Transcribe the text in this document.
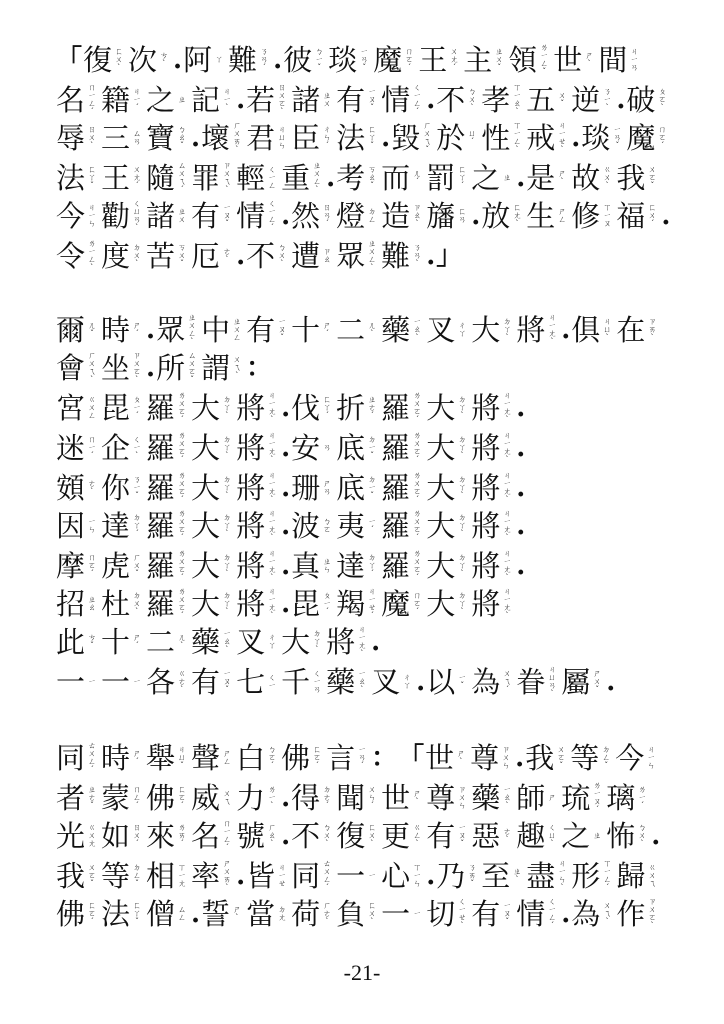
「 復 ㄈ
ㄨ
ˋ 次 ㄘ
ˋ . 阿 ㄚ 難 ㄋ
ㄢ
ˊ . 彼 ㄅ
ㄧ
ˇ 琰 ㄧ
ㄢ
ˇ 魔 ㄇ
ㄛ
ˊ 王 ㄨ
ㄤ
ˊ 主 ㄓ
ㄨ
ˇ 領 ㄌ
ㄧ
ㄥ
ˇ 世 ㄕ
ˋ 間 ㄐ
ㄧ
ㄢ
名 ㄇ
ㄧ
ㄥ
ˊ 籍 ㄐ
ㄧ
ˊ 之 ㄓ 記 ㄐ
ㄧ
ˋ . 若 ㄖ
ㄨ
ㄛ
ˋ 諸 ㄓ
ㄨ 有 ㄧ
ㄡ
ˇ 情 ㄑ
ㄧ
ㄥ
ˊ . 不 ㄅ
ㄨ
ˋ 孝 ㄒ
ㄧ
ㄠ
ˋ 五 ㄨ
ˇ 逆 ㄋ
ㄧ
ˋ . 破 ㄆ
ㄛ
ˋ
辱 ㄖ
ㄨ
ˋ 三 ㄙ
ㄢ 寶 ㄅ
ㄠ
ˇ . 壞 ㄏ
ㄨ
ㄞ
ˋ 君 ㄐ
ㄩ
ㄣ 臣 ㄔ
ㄣ
ˊ 法 ㄈ
ㄚ
ˇ . 毀 ㄏ
ㄨ
ㄟ
ˇ 於 ㄩ
ˊ 性 ㄒ
ㄧ
ㄥ
ˋ 戒 ㄐ
ㄧ
ㄝ
ˋ . 琰 ㄧ
ㄢ
ˇ 魔 ㄇ
ㄛ
ˊ
法 ㄈ
ㄚ
ˇ 王 ㄨ
ㄤ
ˊ 隨 ㄙ
ㄨ
ㄟ
ˊ 罪 ㄗ
ㄨ
ㄟ
ˋ 輕 ㄑ
ㄧ
ㄥ 重 ㄓ
ㄨ
ㄥ
ˋ . 考 ㄎ
ㄠ
ˇ 而 ㄦ
ˊ 罰 ㄈ
ㄚ
ˊ 之 ㄓ . 是 ㄕ
ˋ 故 ㄍ
ㄨ
ˋ 我 ㄨ
ㄛ
ˇ
今 ㄐ
ㄧ
ㄣ 勸 ㄑ
ㄩ
ㄢ
ˋ 諸 ㄓ
ㄨ 有 ㄧ
ㄡ
ˇ 情 ㄑ
ㄧ
ㄥ
ˊ . 然 ㄖ
ㄢ
ˊ 燈 ㄉ
ㄥ 造 ㄗ
ㄠ
ˋ 旛 ㄈ
ㄢ . 放 ㄈ
ㄤ
ˋ 生 ㄕ
ㄥ 修 ㄒ
ㄧ
ㄡ 福 ㄈ
ㄨ
ˊ .
令 ㄌ
ㄧ
ㄥ
ˋ 度 ㄉ
ㄨ
ˋ 苦 ㄎ
ㄨ
ˇ 厄 ㄜ
ˋ . 不 ㄅ
ㄨ
ˋ 遭 ㄗ
ㄠ 眾 ㄓ
ㄨ
ㄥ
ˋ 難 ㄋ
ㄢ
ˋ . 」
爾 ㄦ
ˇ 時 ㄕ
ˊ . 眾 ㄓ
ㄨ
ㄥ
ˋ 中 ㄓ
ㄨ
ㄥ 有 ㄧ
ㄡ
ˇ 十 ㄕ
ˊ 二 ㄦ
ˋ 藥 ㄧ
ㄠ
ˋ 叉 ㄔ
ㄚ 大 ㄉ
ㄚ
ˋ 將 ㄐ
ㄧ
ㄤ
ˋ . 俱 ㄐ
ㄩ
ˋ 在 ㄗ
ㄞ
ˋ
會 ㄏ
ㄨ
ㄟ
ˋ 坐 ㄗ
ㄨ
ㄛ
ˋ . 所 ㄙ
ㄨ
ㄛ
ˇ 謂 ㄨ
ㄟ
ˋ ：
宮 ㄍ
ㄨ
ㄥ 毘 ㄆ
ㄧ
ˊ 羅 ㄌ
ㄨ
ㄛ
ˊ 大 ㄉ
ㄚ
ˋ 將 ㄐ
ㄧ
ㄤ
ˋ . 伐 ㄈ
ㄚ
ˊ 折 ㄓ
ㄜ
ˊ 羅 ㄌ
ㄨ
ㄛ
ˊ 大 ㄉ
ㄚ
ˋ 將 ㄐ
ㄧ
ㄤ
ˋ .
迷 ㄇ
ㄧ
ˊ 企 ㄑ
ㄧ
ˋ 羅 ㄌ
ㄨ
ㄛ
ˊ 大 ㄉ
ㄚ
ˋ 將 ㄐ
ㄧ
ㄤ
ˋ . 安 ㄢ 底 ㄉ
ㄧ
ˇ 羅 ㄌ
ㄨ
ㄛ
ˊ 大 ㄉ
ㄚ
ˋ 將 ㄐ
ㄧ
ㄤ
ˋ .
頞 ㄜ
ˋ 你 ㄋ
ㄧ
ˇ 羅 ㄌ
ㄨ
ㄛ
ˊ 大 ㄉ
ㄚ
ˋ 將 ㄐ
ㄧ
ㄤ
ˋ . 珊 ㄕ
ㄢ 底 ㄉ
ㄧ
ˇ 羅 ㄌ
ㄨ
ㄛ
ˊ 大 ㄉ
ㄚ
ˋ 將 ㄐ
ㄧ
ㄤ
ˋ .
因 ㄧ
ㄣ 達 ㄉ
ㄚ
ˊ 羅 ㄌ
ㄨ
ㄛ
ˊ 大 ㄉ
ㄚ
ˋ 將 ㄐ
ㄧ
ㄤ
ˋ . 波 ㄅ
ㄛ 夷 ㄧ
ˊ 羅 ㄌ
ㄨ
ㄛ
ˊ 大 ㄉ
ㄚ
ˋ 將 ㄐ
ㄧ
ㄤ
ˋ .
摩 ㄇ
ㄛ
ˊ 虎 ㄏ
ㄨ
ˇ 羅 ㄌ
ㄨ
ㄛ
ˊ 大 ㄉ
ㄚ
ˋ 將 ㄐ
ㄧ
ㄤ
ˋ . 真 ㄓ
ㄣ 達 ㄉ
ㄚ
ˊ 羅 ㄌ
ㄨ
ㄛ
ˊ 大 ㄉ
ㄚ
ˋ 將 ㄐ
ㄧ
ㄤ
ˋ .
招 ㄓ
ㄠ 杜 ㄉ
ㄨ
ˋ 羅 ㄌ
ㄨ
ㄛ
ˊ 大 ㄉ
ㄚ
ˋ 將 ㄐ
ㄧ
ㄤ
ˋ . 毘 ㄆ
ㄧ
ˊ 羯 ㄐ
ㄧ
ㄝ
ˊ 魔 ㄇ
ㄛ
ˊ 大 ㄉ
ㄚ
ˋ 將 ㄐ
ㄧ
ㄤ
ˋ
此 ㄘ
ˇ 十 ㄕ
ˊ 二 ㄦ
ˋ 藥 ㄧ
ㄠ
ˋ 叉 ㄔ
ㄚ 大 ㄉ
ㄚ
ˋ 將 ㄐ
ㄧ
ㄤ
ˋ .
一 ㄧ 一 ㄧ 各 ㄍ
ㄜ
ˋ 有 ㄧ
ㄡ
ˇ 七 ㄑ
ㄧ 千 ㄑ
ㄧ
ㄢ 藥 ㄧ
ㄠ
ˋ 叉 ㄔ
ㄚ . 以 ㄧ
ˇ 為 ㄨ
ㄟ
ˊ 眷 ㄐ
ㄩ
ㄢ
ˋ 屬 ㄕ
ㄨ
ˇ .
同 ㄊ
ㄨ
ㄥ
ˊ 時 ㄕ
ˊ 舉 ㄐ
ㄩ
ˇ 聲 ㄕ
ㄥ 白 ㄅ
ㄛ
ˊ 佛 ㄈ
ㄛ
ˊ 言 ㄧ
ㄢ
ˊ ： 「 世 ㄕ
ˋ 尊 ㄗ
ㄨ
ㄣ . 我 ㄨ
ㄛ
ˇ 等 ㄉ
ㄥ
ˇ 今 ㄐ
ㄧ
ㄣ
者 ㄓ
ㄜ
ˇ 蒙 ㄇ
ㄥ
ˊ 佛 ㄈ
ㄛ
ˊ 威 ㄨ
ㄟ 力 ㄌ
ㄧ
ˋ . 得 ㄉ
ㄜ
ˊ 聞 ㄨ
ㄣ
ˊ 世 ㄕ
ˋ 尊 ㄗ
ㄨ
ㄣ 藥 ㄧ
ㄠ
ˋ 師 ㄕ 琉 ㄌ
ㄧ
ㄡ
ˊ 璃 ㄌ
ㄧ
ˊ
光 ㄍ
ㄨ
ㄤ 如 ㄖ
ㄨ
ˊ 來 ㄌ
ㄞ
ˊ 名 ㄇ
ㄧ
ㄥ
ˊ 號 ㄏ
ㄠ
ˋ . 不 ㄅ
ㄨ
ˋ 復 ㄈ
ㄨ
ˋ 更 ㄍ
ㄥ
ˋ 有 ㄧ
ㄡ
ˇ 惡 ㄜ
ˋ 趣 ㄑ
ㄩ
ˋ 之 ㄓ 怖 ㄅ
ㄨ
ˋ .
我 ㄨ
ㄛ
ˇ 等 ㄉ
ㄥ
ˇ 相 ㄒ
ㄧ
ㄤ 率 ㄕ
ㄨ
ㄞ
ˋ . 皆 ㄐ
ㄧ
ㄝ 同 ㄊ
ㄨ
ㄥ
ˊ 一 ㄧ 心 ㄒ
ㄧ
ㄣ . 乃 ㄋ
ㄞ
ˇ 至 ㄓ
ˋ 盡 ㄐ
ㄧ
ㄣ
ˋ 形 ㄒ
ㄧ
ㄥ
ˊ 歸 ㄍ
ㄨ
ㄟ
佛 ㄈ
ㄛ
ˊ 法 ㄈ
ㄚ
ˇ 僧 ㄙ
ㄥ . 誓 ㄕ
ˋ 當 ㄉ
ㄤ 荷 ㄏ
ㄜ
ˋ 負 ㄈ
ㄨ
ˋ 一 ㄧ 切 ㄑ
ㄧ
ㄝ
ˋ 有 ㄧ
ㄡ
ˇ 情 ㄑ
ㄧ
ㄥ
ˊ . 為 ㄨ
ㄟ
ˋ 作 ㄗ
ㄨ
ㄛ
ˋ
-21-
